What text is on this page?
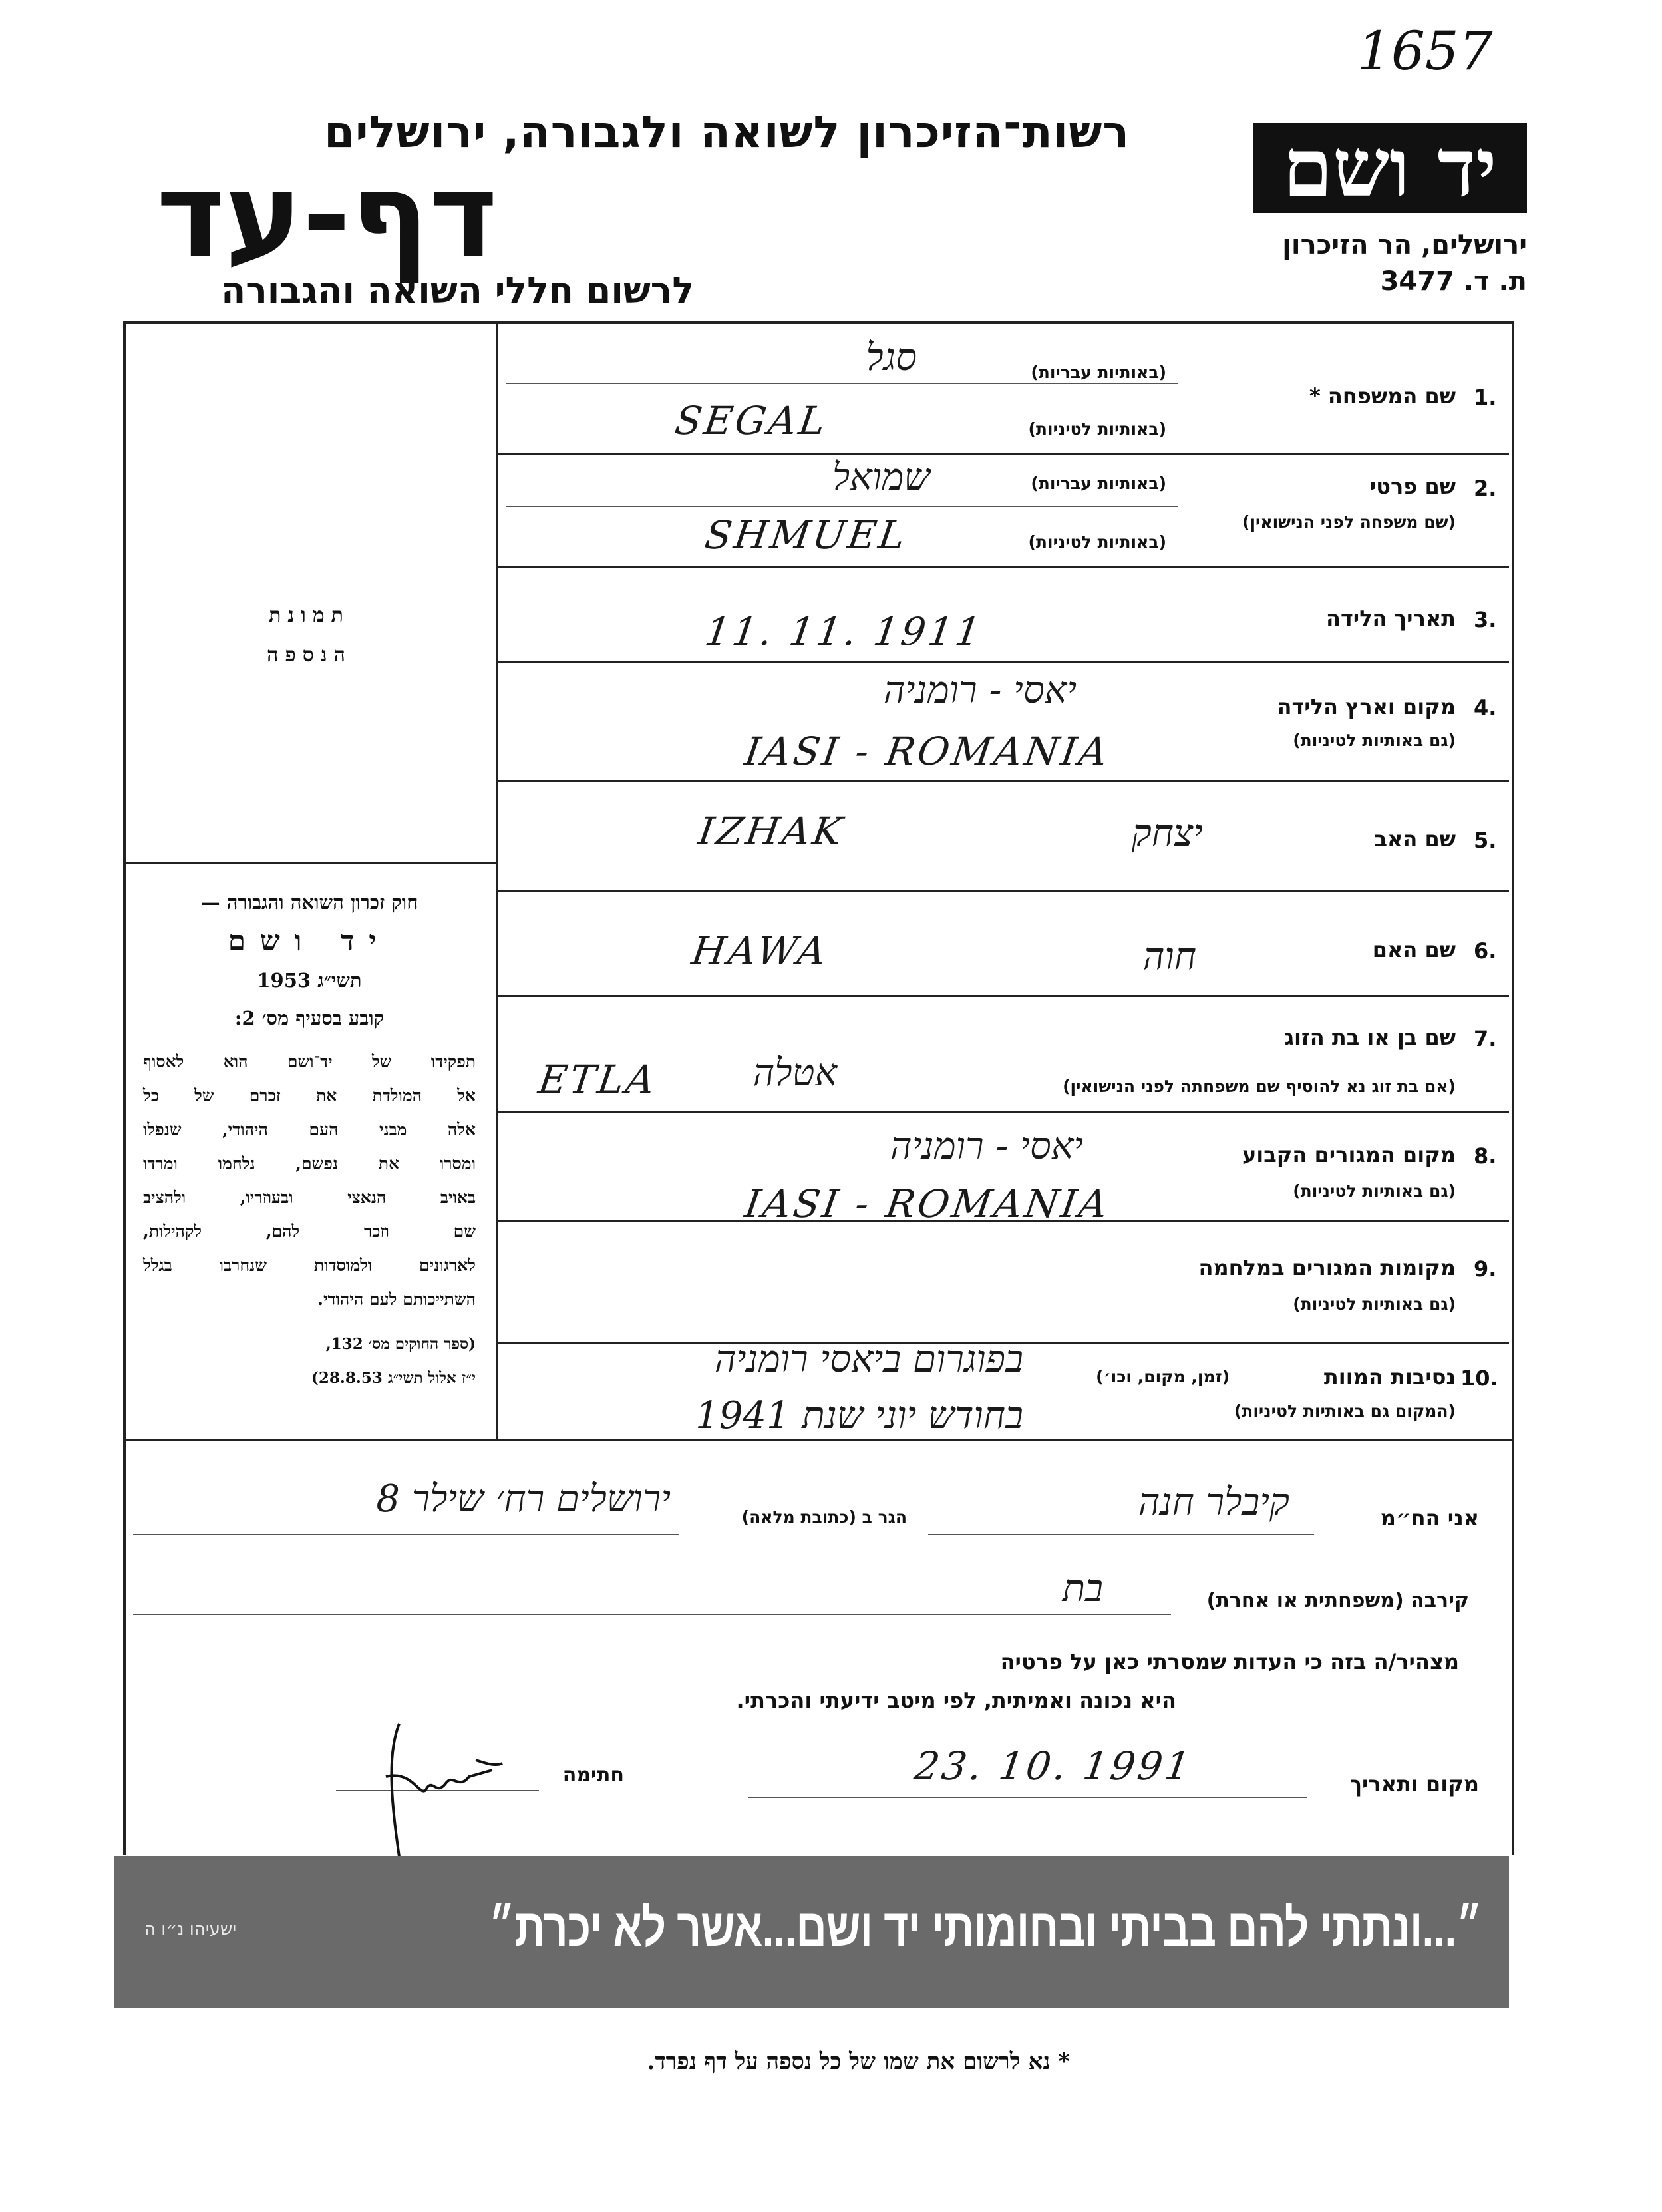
1657
רשות־הזיכרון לשואה ולגבורה, ירושלים
דף-עד
לרשום חללי השואה והגבורה
יד ושם
ירושלים, הר הזיכרון
ת. ד. 3477
תמונת
הנספה
חוק זכרון השואה והגבורה —
יד ושם
תשי״ג 1953
קובע בסעיף מס׳ 2:
תפקידו של יד־ושם הוא לאסוף
אל המולדת את זכרם של כל
אלה מבני העם היהודי, שנפלו
ומסרו את נפשם, נלחמו ומרדו
באויב הנאצי ובעוזריו, ולהציב
שם וזכר להם, לקהילות,
לארגונים ולמוסדות שנחרבו בגלל
השתייכותם לעם היהודי.
(ספר החוקים מס׳ 132,
י״ז אלול תשי״ג 28.8.53)
1.
שם המשפחה *
(באותיות עבריות)
(באותיות לטיניות)
סגל
SEGAL
2.
שם פרטי
(שם משפחה לפני הנישואין)
(באותיות עבריות)
(באותיות לטיניות)
שמואל
SHMUEL
3.
תאריך הלידה
11. 11. 1911
4.
מקום וארץ הלידה
(גם באותיות לטיניות)
יאסי - רומניה
IASI - ROMANIA
5.
שם האב
IZHAK	יצחק
6.
שם האם
HAWA	חוה
7.
שם בן או בת הזוג
(אם בת זוג נא להוסיף שם משפחתה לפני הנישואין)
ETLA אטלה
8.
מקום המגורים הקבוע
(גם באותיות לטיניות)
יאסי - רומניה
IASI - ROMANIA
9.
מקומות המגורים במלחמה
(גם באותיות לטיניות)
10.
נסיבות המוות
(זמן, מקום, וכו׳)
(המקום גם באותיות לטיניות)
בפוגרום ביאסי רומניה
בחודש יוני שנת 1941
אני הח״מ
קיבלר חנה
הגר ב (כתובת מלאה)
ירושלים רח׳ שילר 8
קירבה (משפחתית או אחרת)
בת
מצהיר/ה בזה כי העדות שמסרתי כאן על פרטיה
היא נכונה ואמיתית, לפי מיטב ידיעתי והכרתי.
מקום ותאריך
23. 10. 1991
חתימה
״...ונתתי להם בביתי ובחומותי יד ושם...אשר לא יכרת״
ישעיהו נ״ו ה
* נא לרשום את שמו של כל נספה על דף נפרד.
